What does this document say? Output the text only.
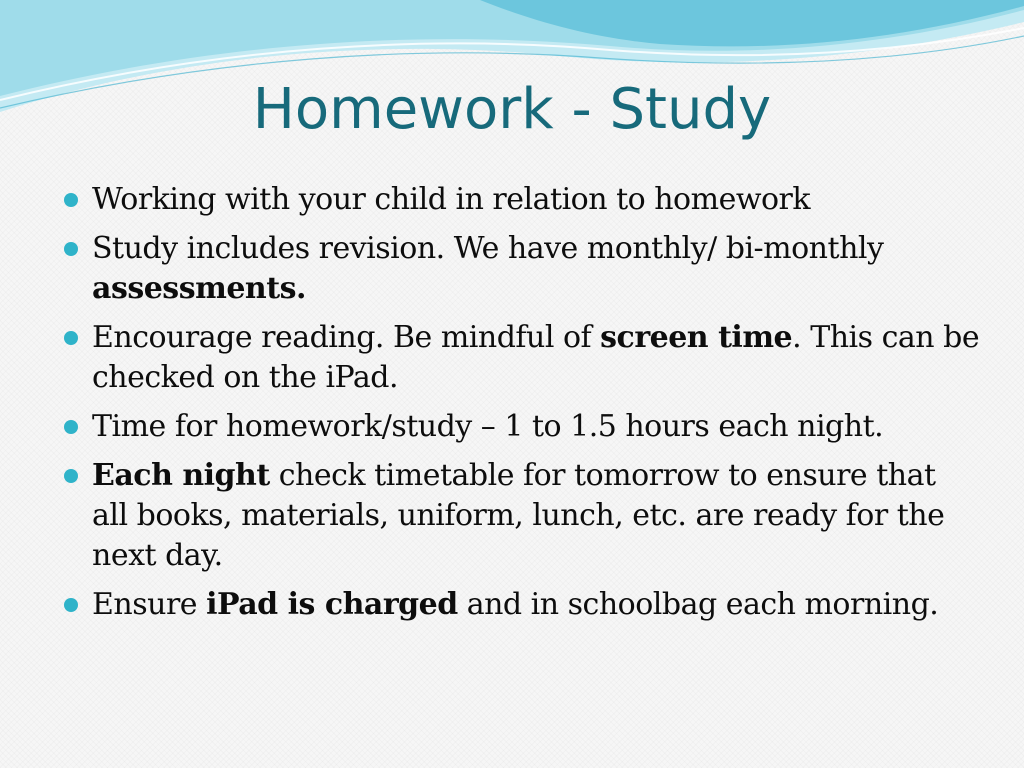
Homework - Study
Working with your child in relation to homework
Study includes revision. We have monthly/ bi-monthly assessments.
Encourage reading. Be mindful of screen time. This can be checked on the iPad.
Time for homework/study – 1 to 1.5 hours each night.
Each night check timetable for tomorrow to ensure that all books, materials, uniform, lunch, etc. are ready for the next day.
Ensure iPad is charged and in schoolbag each morning.
